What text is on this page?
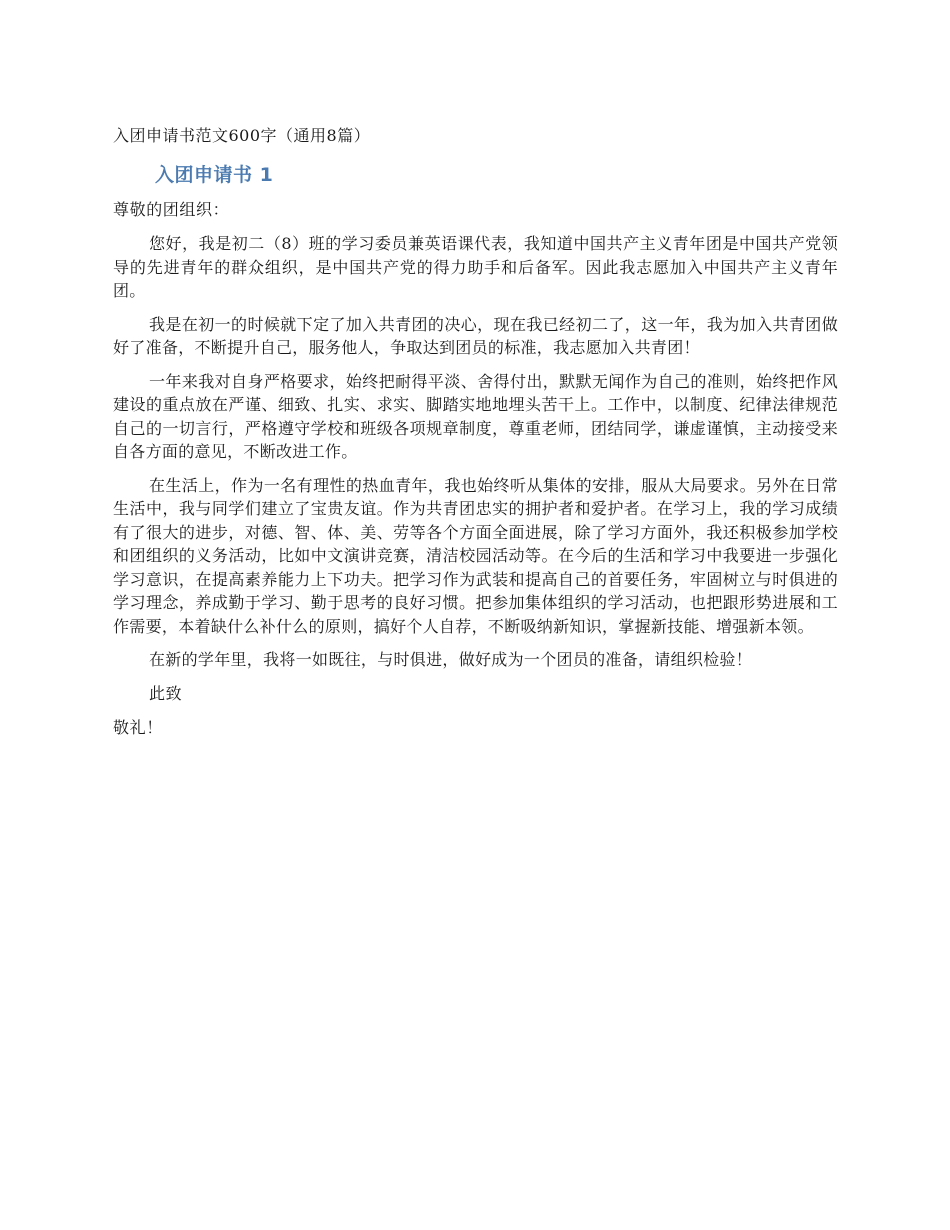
入团申请书范文600字（通用8篇）
入团申请书 1
尊敬的团组织：

您好，我是初二（8）班的学习委员兼英语课代表，我知道中国共产主义青年团是中国共产党领导的先进青年的群众组织，是中国共产党的得力助手和后备军。因此我志愿加入中国共产主义青年团。

我是在初一的时候就下定了加入共青团的决心，现在我已经初二了，这一年，我为加入共青团做好了准备，不断提升自己，服务他人，争取达到团员的标准，我志愿加入共青团！

一年来我对自身严格要求，始终把耐得平淡、舍得付出，默默无闻作为自己的准则，始终把作风建设的重点放在严谨、细致、扎实、求实、脚踏实地地埋头苦干上。工作中，以制度、纪律法律规范自己的一切言行，严格遵守学校和班级各项规章制度，尊重老师，团结同学，谦虚谨慎，主动接受来自各方面的意见，不断改进工作。

在生活上，作为一名有理性的热血青年，我也始终听从集体的安排，服从大局要求。另外在日常生活中，我与同学们建立了宝贵友谊。作为共青团忠实的拥护者和爱护者。在学习上，我的学习成绩有了很大的进步，对德、智、体、美、劳等各个方面全面进展，除了学习方面外，我还积极参加学校和团组织的义务活动，比如中文演讲竞赛，清洁校园活动等。在今后的生活和学习中我要进一步强化学习意识，在提高素养能力上下功夫。把学习作为武装和提高自己的首要任务，牢固树立与时俱进的学习理念，养成勤于学习、勤于思考的良好习惯。把参加集体组织的学习活动，也把跟形势进展和工作需要，本着缺什么补什么的原则，搞好个人自荐，不断吸纳新知识，掌握新技能、增强新本领。

在新的学年里，我将一如既往，与时俱进，做好成为一个团员的准备，请组织检验！

此致
敬礼！
